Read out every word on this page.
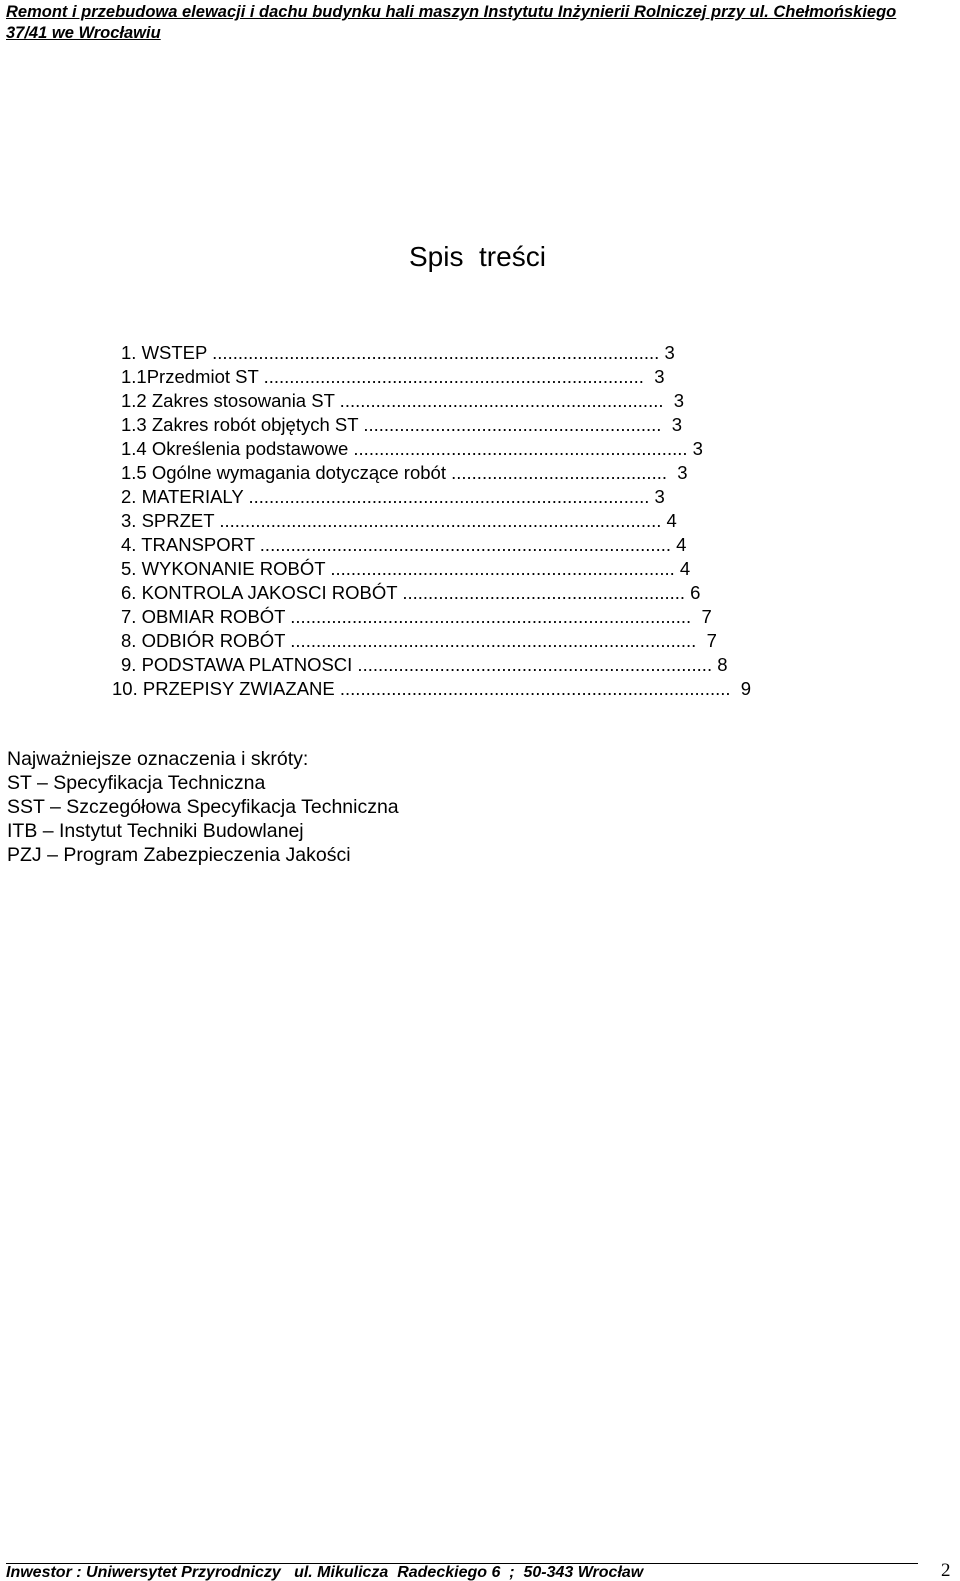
Remont i przebudowa elewacji i dachu budynku hali maszyn Instytutu Inżynierii Rolniczej przy ul. Chełmońskiego
37/41 we Wrocławiu
Spis  treści
1. WSTEP ....................................................................................... 3
1.1Przedmiot ST ..........................................................................  3
1.2 Zakres stosowania ST ...............................................................  3
1.3 Zakres robót objętych ST ..........................................................  3
1.4 Określenia podstawowe ................................................................. 3
1.5 Ogólne wymagania dotyczące robót ..........................................  3
2. MATERIALY .............................................................................. 3
3. SPRZET ...................................................................................... 4
4. TRANSPORT ................................................................................ 4
5. WYKONANIE ROBÓT ................................................................... 4
6. KONTROLA JAKOSCI ROBÓT ....................................................... 6
7. OBMIAR ROBÓT ..............................................................................  7
8. ODBIÓR ROBÓT ...............................................................................  7
9. PODSTAWA PLATNOSCI ..................................................................... 8
10. PRZEPISY ZWIAZANE ............................................................................  9
Najważniejsze oznaczenia i skróty:
ST – Specyfikacja Techniczna
SST – Szczegółowa Specyfikacja Techniczna
ITB – Instytut Techniki Budowlanej
PZJ – Program Zabezpieczenia Jakości
Inwestor : Uniwersytet Przyrodniczy   ul. Mikulicza  Radeckiego 6  ;  50-343 Wrocław	2
